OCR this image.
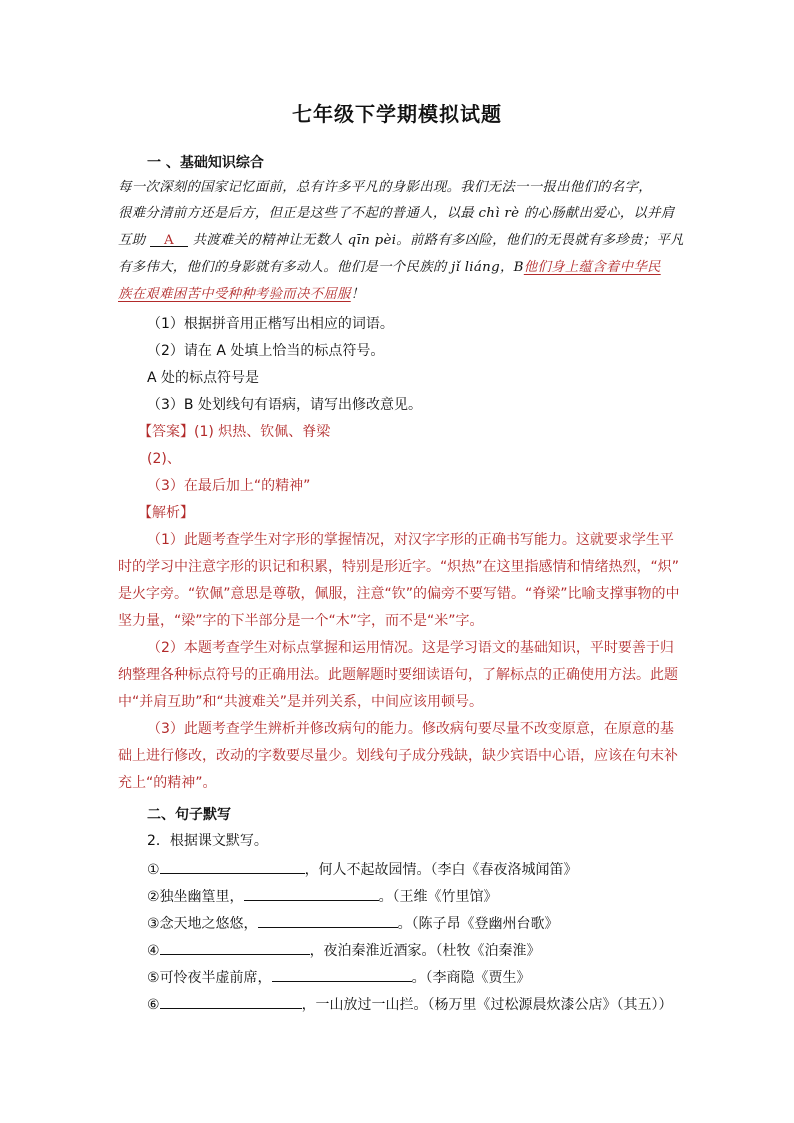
七年级下学期模拟试题
一 、基础知识综合
每一次深刻的国家记忆面前，总有许多平凡的身影出现。我们无法一一报出他们的名字，
很难分清前方还是后方，但正是这些了不起的普通人，以最 chì rè 的心肠献出爱心，以并肩
互助 A 共渡难关的精神让无数人 qīn pèi。前路有多凶险，他们的无畏就有多珍贵；平凡
有多伟大，他们的身影就有多动人。他们是一个民族的 jǐ liáng，B他们身上蕴含着中华民
族在艰难困苦中受种种考验而决不屈服！
（1）根据拼音用正楷写出相应的词语。
（2）请在 A 处填上恰当的标点符号。
A 处的标点符号是
（3）B 处划线句有语病，请写出修改意见。
【答案】(1) 炽热、钦佩、脊梁
(2)、
（3）在最后加上“的精神”
【解析】
（1）此题考查学生对字形的掌握情况，对汉字字形的正确书写能力。这就要求学生平
时的学习中注意字形的识记和积累，特别是形近字。“炽热”在这里指感情和情绪热烈，“炽”
是火字旁。“钦佩”意思是尊敬，佩服，注意“钦”的偏旁不要写错。“脊梁”比喻支撑事物的中
坚力量，“梁”字的下半部分是一个“木”字，而不是“米”字。
（2）本题考查学生对标点掌握和运用情况。这是学习语文的基础知识，平时要善于归
纳整理各种标点符号的正确用法。此题解题时要细读语句，了解标点的正确使用方法。此题
中“并肩互助”和“共渡难关”是并列关系，中间应该用顿号。
（3）此题考查学生辨析并修改病句的能力。修改病句要尽量不改变原意，在原意的基
础上进行修改，改动的字数要尽量少。划线句子成分残缺，缺少宾语中心语，应该在句末补
充上“的精神”。
二、句子默写
2．根据课文默写。
①	，何人不起故园情。（李白《春夜洛城闻笛》
②独坐幽篁里，	。（王维《竹里馆》
③念天地之悠悠，	。（陈子昂《登幽州台歌》
④	，夜泊秦淮近酒家。（杜牧《泊秦淮》
⑤可怜夜半虚前席，	。（李商隐《贾生》
⑥	，一山放过一山拦。（杨万里《过松源晨炊漆公店》（其五））
